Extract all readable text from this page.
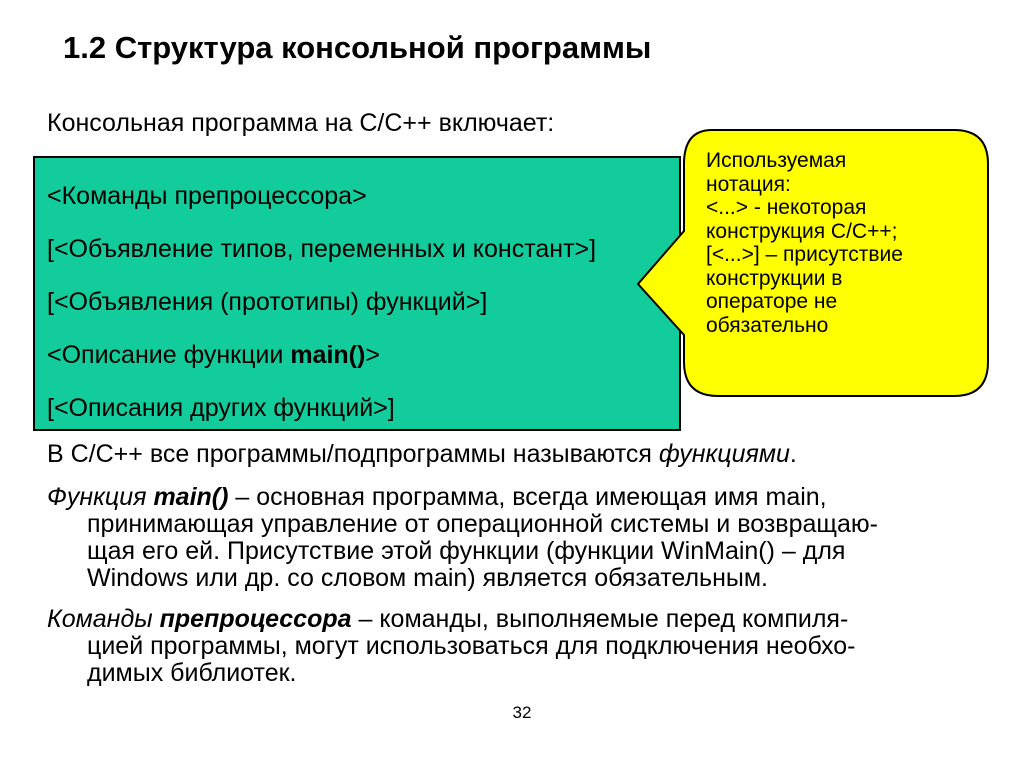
1.2 Структура консольной программы
Консольная программа на C/C++ включает:
<Команды препроцессора>
[<Объявление типов, переменных и констант>]
[<Объявления (прототипы) функций>]
<Описание функции main()>
[<Описания других функций>]
Используемая
нотация:
<...> - некоторая
конструкция C/C++;
[<...>] – присутствие
конструкции в
операторе не
обязательно
В C/C++ все программы/подпрограммы называются функциями.
Функция main() – основная программа, всегда имеющая имя main,
принимающая управление от операционной системы и возвращаю-
щая его ей. Присутствие этой функции (функции WinMain() – для
Windows или др. со словом main) является обязательным.
Команды препроцессора – команды, выполняемые перед компиля-
цией программы, могут использоваться для подключения необхо-
димых библиотек.
32
